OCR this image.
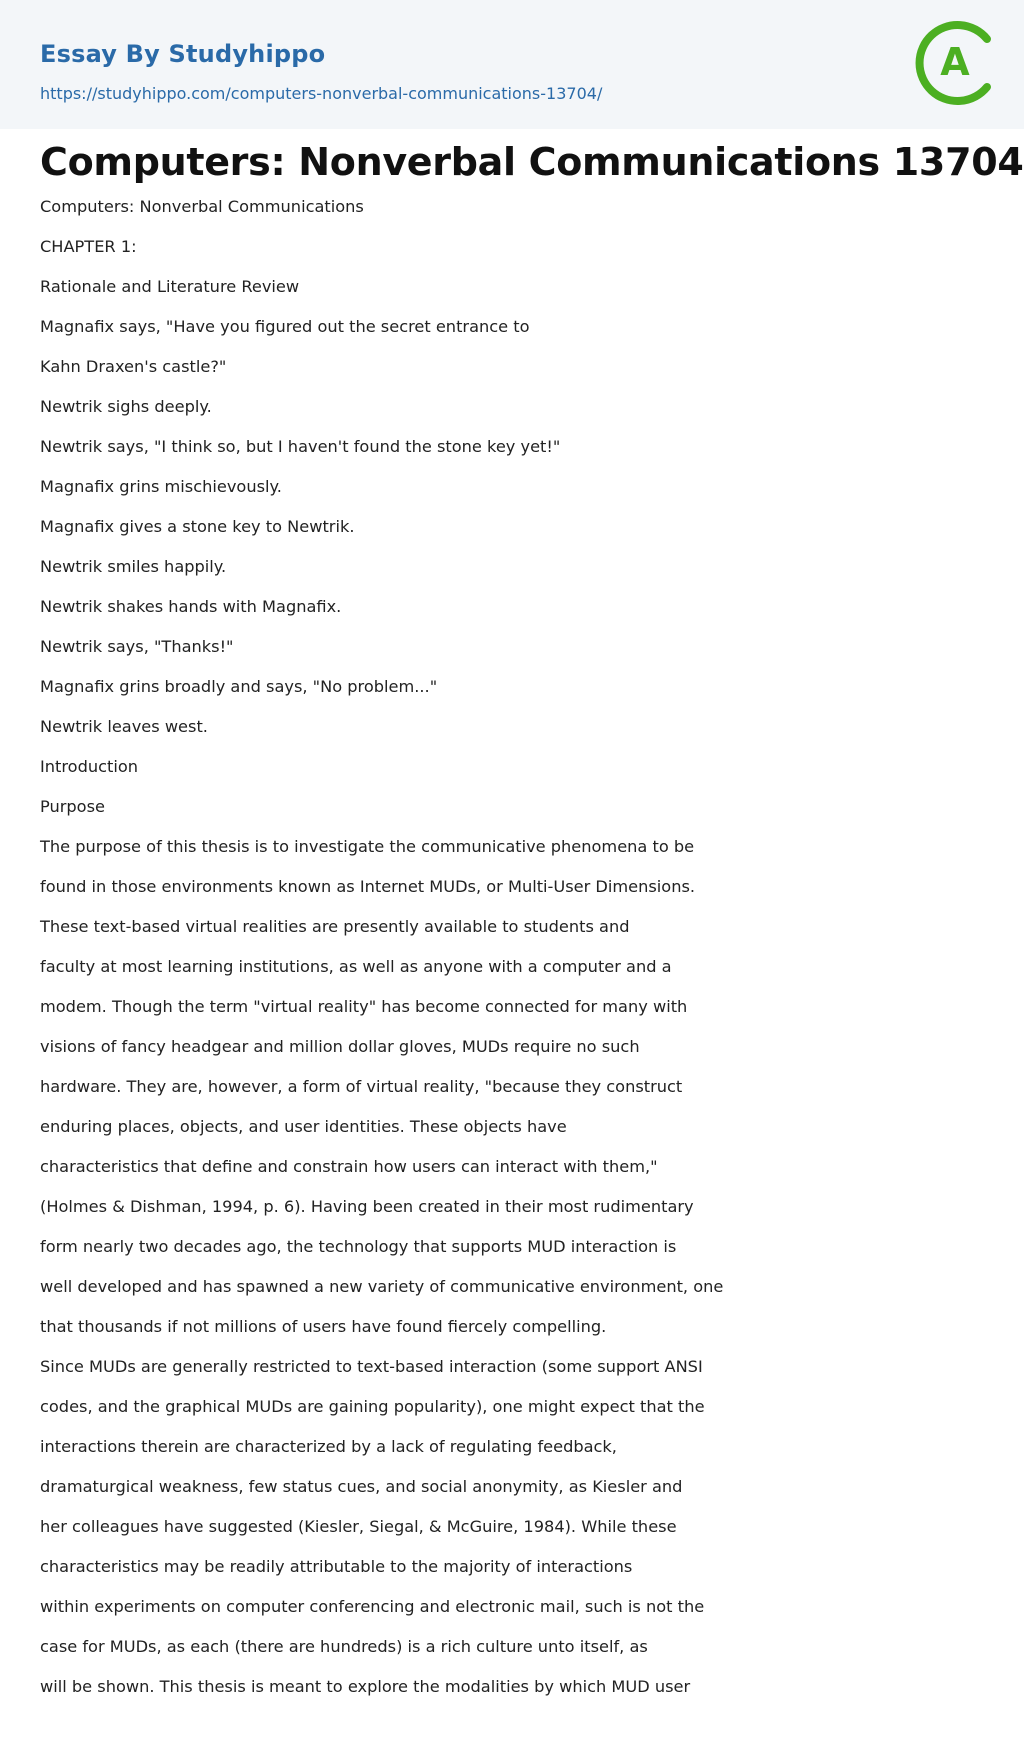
Essay By Studyhippo
https://studyhippo.com/computers-nonverbal-communications-13704/
A
Computers: Nonverbal Communications 13704
Computers: Nonverbal Communications
CHAPTER 1:
Rationale and Literature Review
Magnafix says, "Have you figured out the secret entrance to
Kahn Draxen's castle?"
Newtrik sighs deeply.
Newtrik says, "I think so, but I haven't found the stone key yet!"
Magnafix grins mischievously.
Magnafix gives a stone key to Newtrik.
Newtrik smiles happily.
Newtrik shakes hands with Magnafix.
Newtrik says, "Thanks!"
Magnafix grins broadly and says, "No problem..."
Newtrik leaves west.
Introduction
Purpose
The purpose of this thesis is to investigate the communicative phenomena to be
found in those environments known as Internet MUDs, or Multi-User Dimensions.
These text-based virtual realities are presently available to students and
faculty at most learning institutions, as well as anyone with a computer and a
modem. Though the term "virtual reality" has become connected for many with
visions of fancy headgear and million dollar gloves, MUDs require no such
hardware. They are, however, a form of virtual reality, "because they construct
enduring places, objects, and user identities. These objects have
characteristics that define and constrain how users can interact with them,"
(Holmes & Dishman, 1994, p. 6). Having been created in their most rudimentary
form nearly two decades ago, the technology that supports MUD interaction is
well developed and has spawned a new variety of communicative environment, one
that thousands if not millions of users have found fiercely compelling.
Since MUDs are generally restricted to text-based interaction (some support ANSI
codes, and the graphical MUDs are gaining popularity), one might expect that the
interactions therein are characterized by a lack of regulating feedback,
dramaturgical weakness, few status cues, and social anonymity, as Kiesler and
her colleagues have suggested (Kiesler, Siegal, & McGuire, 1984). While these
characteristics may be readily attributable to the majority of interactions
within experiments on computer conferencing and electronic mail, such is not the
case for MUDs, as each (there are hundreds) is a rich culture unto itself, as
will be shown. This thesis is meant to explore the modalities by which MUD user
